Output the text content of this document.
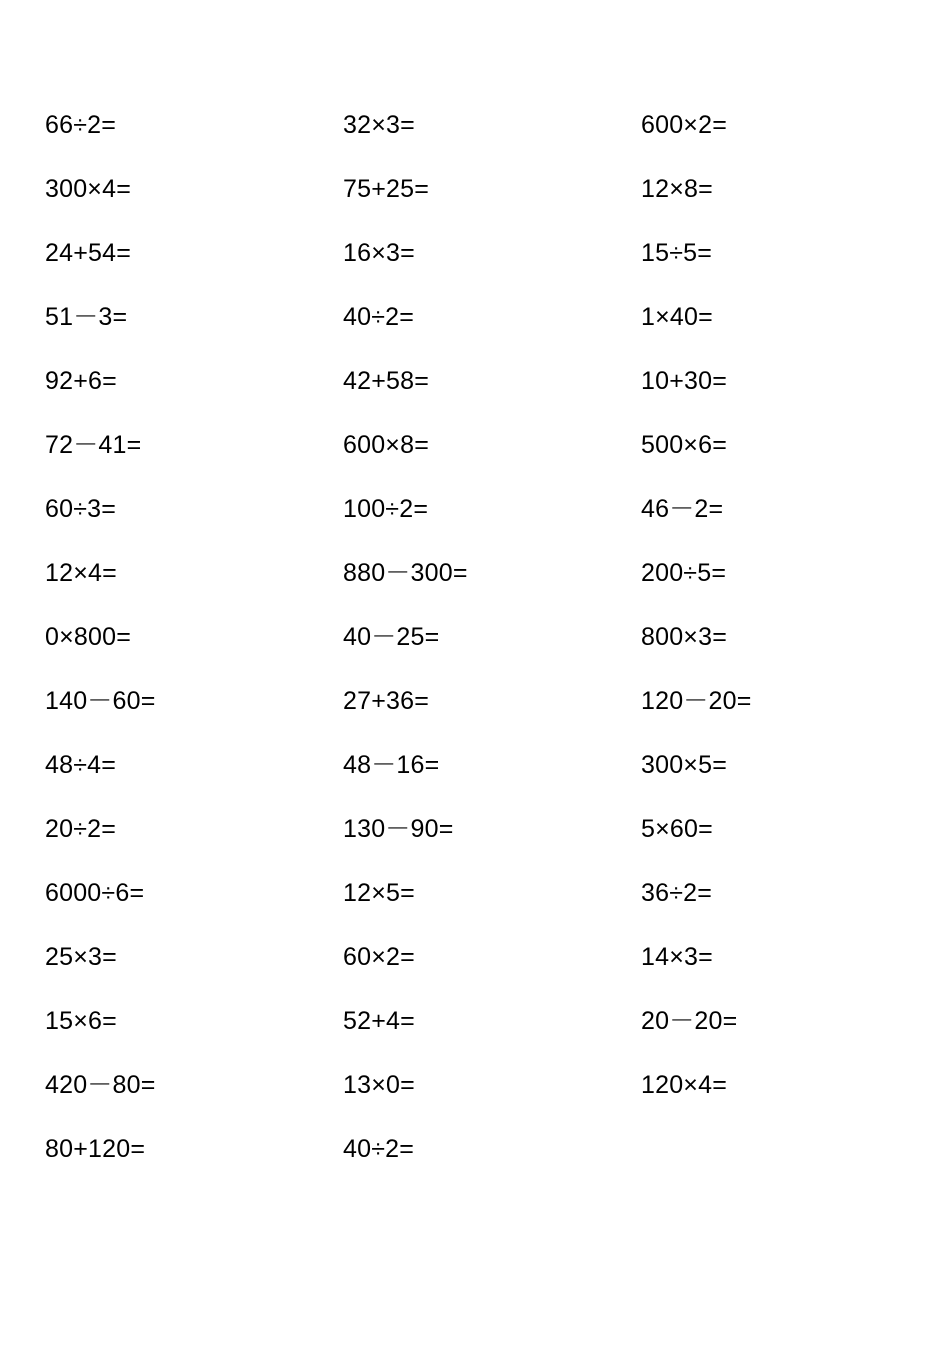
66÷2=
300×4=
24+54=
51－3=
92+6=
72－41=
60÷3=
12×4=
0×800=
140－60=
48÷4=
20÷2=
6000÷6=
25×3=
15×6=
420－80=
80+120=
32×3=
75+25=
16×3=
40÷2=
42+58=
600×8=
100÷2=
880－300=
40－25=
27+36=
48－16=
130－90=
12×5=
60×2=
52+4=
13×0=
40÷2=
600×2=
12×8=
15÷5=
1×40=
10+30=
500×6=
46－2=
200÷5=
800×3=
120－20=
300×5=
5×60=
36÷2=
14×3=
20－20=
120×4=
